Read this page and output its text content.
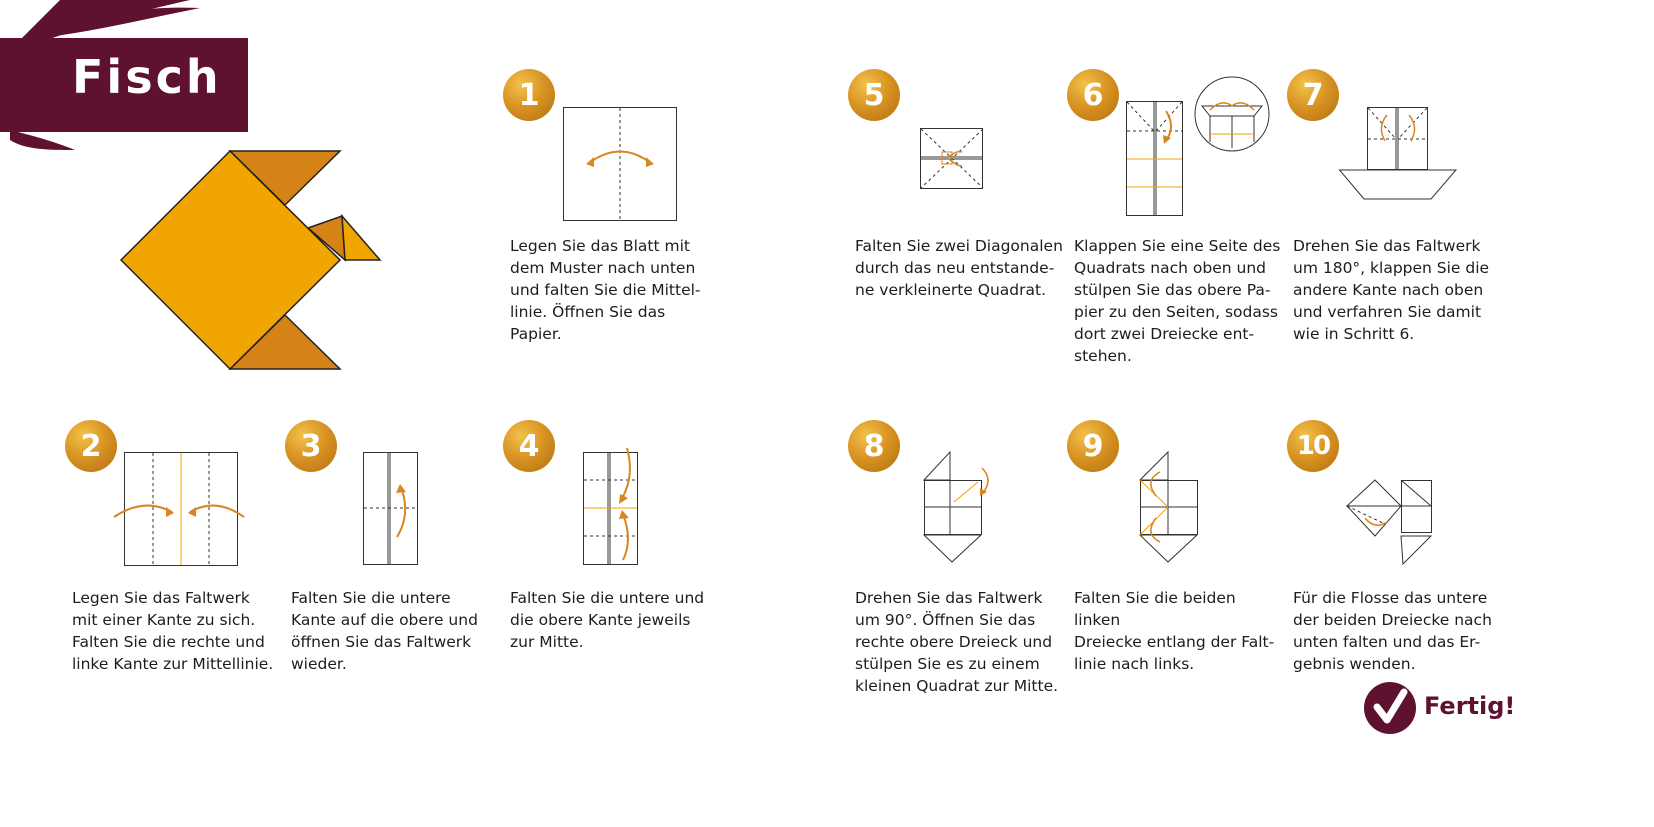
Fisch	1
Legen Sie das Blatt mit
dem Muster nach unten
und falten Sie die Mittel-
linie. Öffnen Sie das
Papier.
2
Legen Sie das Faltwerk
mit einer Kante zu sich.
Falten Sie die rechte und
linke Kante zur Mittellinie.
3
Falten Sie die untere
Kante auf die obere und
öffnen Sie das Faltwerk
wieder.
4
Falten Sie die untere und
die obere Kante jeweils
zur Mitte.
5
Falten Sie zwei Diagonalen
durch das neu entstande-
ne verkleinerte Quadrat.
6
Klappen Sie eine Seite des
Quadrats nach oben und
stülpen Sie das obere Pa-
pier zu den Seiten, sodass
dort zwei Dreiecke ent-
stehen.
7
Drehen Sie das Faltwerk
um 180°, klappen Sie die
andere Kante nach oben
und verfahren Sie damit
wie in Schritt 6.
8
Drehen Sie das Faltwerk
um 90°. Öffnen Sie das
rechte obere Dreieck und
stülpen Sie es zu einem
kleinen Quadrat zur Mitte.
9
Falten Sie die beiden linken
Dreiecke entlang der Falt-
linie nach links.
10
Für die Flosse das untere
der beiden Dreiecke nach
unten falten und das Er-
gebnis wenden.
Fertig!
